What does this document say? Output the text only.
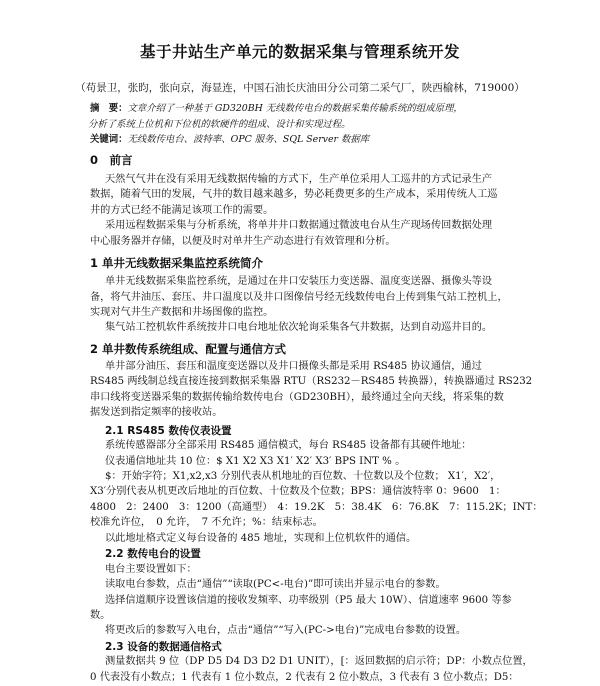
基于井站生产单元的数据采集与管理系统开发
（苟景卫，张昀，张向京，海显连，中国石油长庆油田分公司第二采气厂，陕西榆林，719000）
摘　要：文章介绍了一种基于 GD320BH 无线数传电台的数据采集传输系统的组成原理，
分析了系统上位机和下位机的软硬件的组成、设计和实现过程。
关键词：无线数传电台、波特率、OPC 服务、SQL Server 数据库
0　前言
天然气气井在没有采用无线数据传输的方式下，生产单位采用人工巡井的方式记录生产
数据，随着气田的发展，气井的数目越来越多，势必耗费更多的生产成本，采用传统人工巡
井的方式已经不能满足该项工作的需要。
采用远程数据采集与分析系统，将单井井口数据通过微波电台从生产现场传回数据处理
中心服务器并存储，以便及时对单井生产动态进行有效管理和分析。
1 单井无线数据采集监控系统简介
单井无线数据采集监控系统，是通过在井口安装压力变送器、温度变送器、摄像头等设
备，将气井油压、套压、井口温度以及井口图像信号经无线数传电台上传到集气站工控机上，
实现对气井生产数据和井场图像的监控。
集气站工控机软件系统按井口电台地址依次轮询采集各气井数据，达到自动巡井目的。
2 单井数传系统组成、配置与通信方式
单井部分油压、套压和温度变送器以及井口摄像头都是采用 RS485 协议通信，通过
RS485 两线制总线直接连接到数据采集器 RTU（RS232－RS485 转换器），转换器通过 RS232
串口线将变送器采集的数据传输给数传电台（GD230BH），最终通过全向天线，将采集的数
据发送到指定频率的接收站。
2.1 RS485 数传仪表设置
系统传感器部分全部采用 RS485 通信模式，每台 RS485 设备都有其硬件地址：
仪表通信地址共 10 位：$ X1 X2 X3 X1′ X2′ X3′ BPS INT % 。
$：开始字符；X1,x2,x3 分别代表从机地址的百位数、十位数以及个位数； X1′，X2′，
X3′分别代表从机更改后地址的百位数、十位数及个位数；BPS：通信波特率 0：9600　1：
4800　2：2400　3：1200（高通型）　4：19.2K　5：38.4K　6：76.8K　7：115.2K；INT：
校准允许位，　0 允许，　7 不允许；%：结束标志。
以此地址格式定义每台设备的 485 地址，实现和上位机软件的通信。
2.2 数传电台的设置
电台主要设置如下：
读取电台参数，点击“通信”“读取(PC<-电台)”即可读出并显示电台的参数。
选择信道顺序设置该信道的接收发频率、功率级别（P5 最大 10W）、信道速率 9600 等参
数。
将更改后的参数写入电台，点击“通信”“写入(PC->电台)”完成电台参数的设置。
2.3 设备的数据通信格式
测量数据共 9 位（DP D5 D4 D3 D2 D1 UNIT），[：返回数据的启示符；DP：小数点位置，
0 代表没有小数点；1 代表有 1 位小数点，2 代表有 2 位小数点，3 代表有 3 位小数点；D5：
